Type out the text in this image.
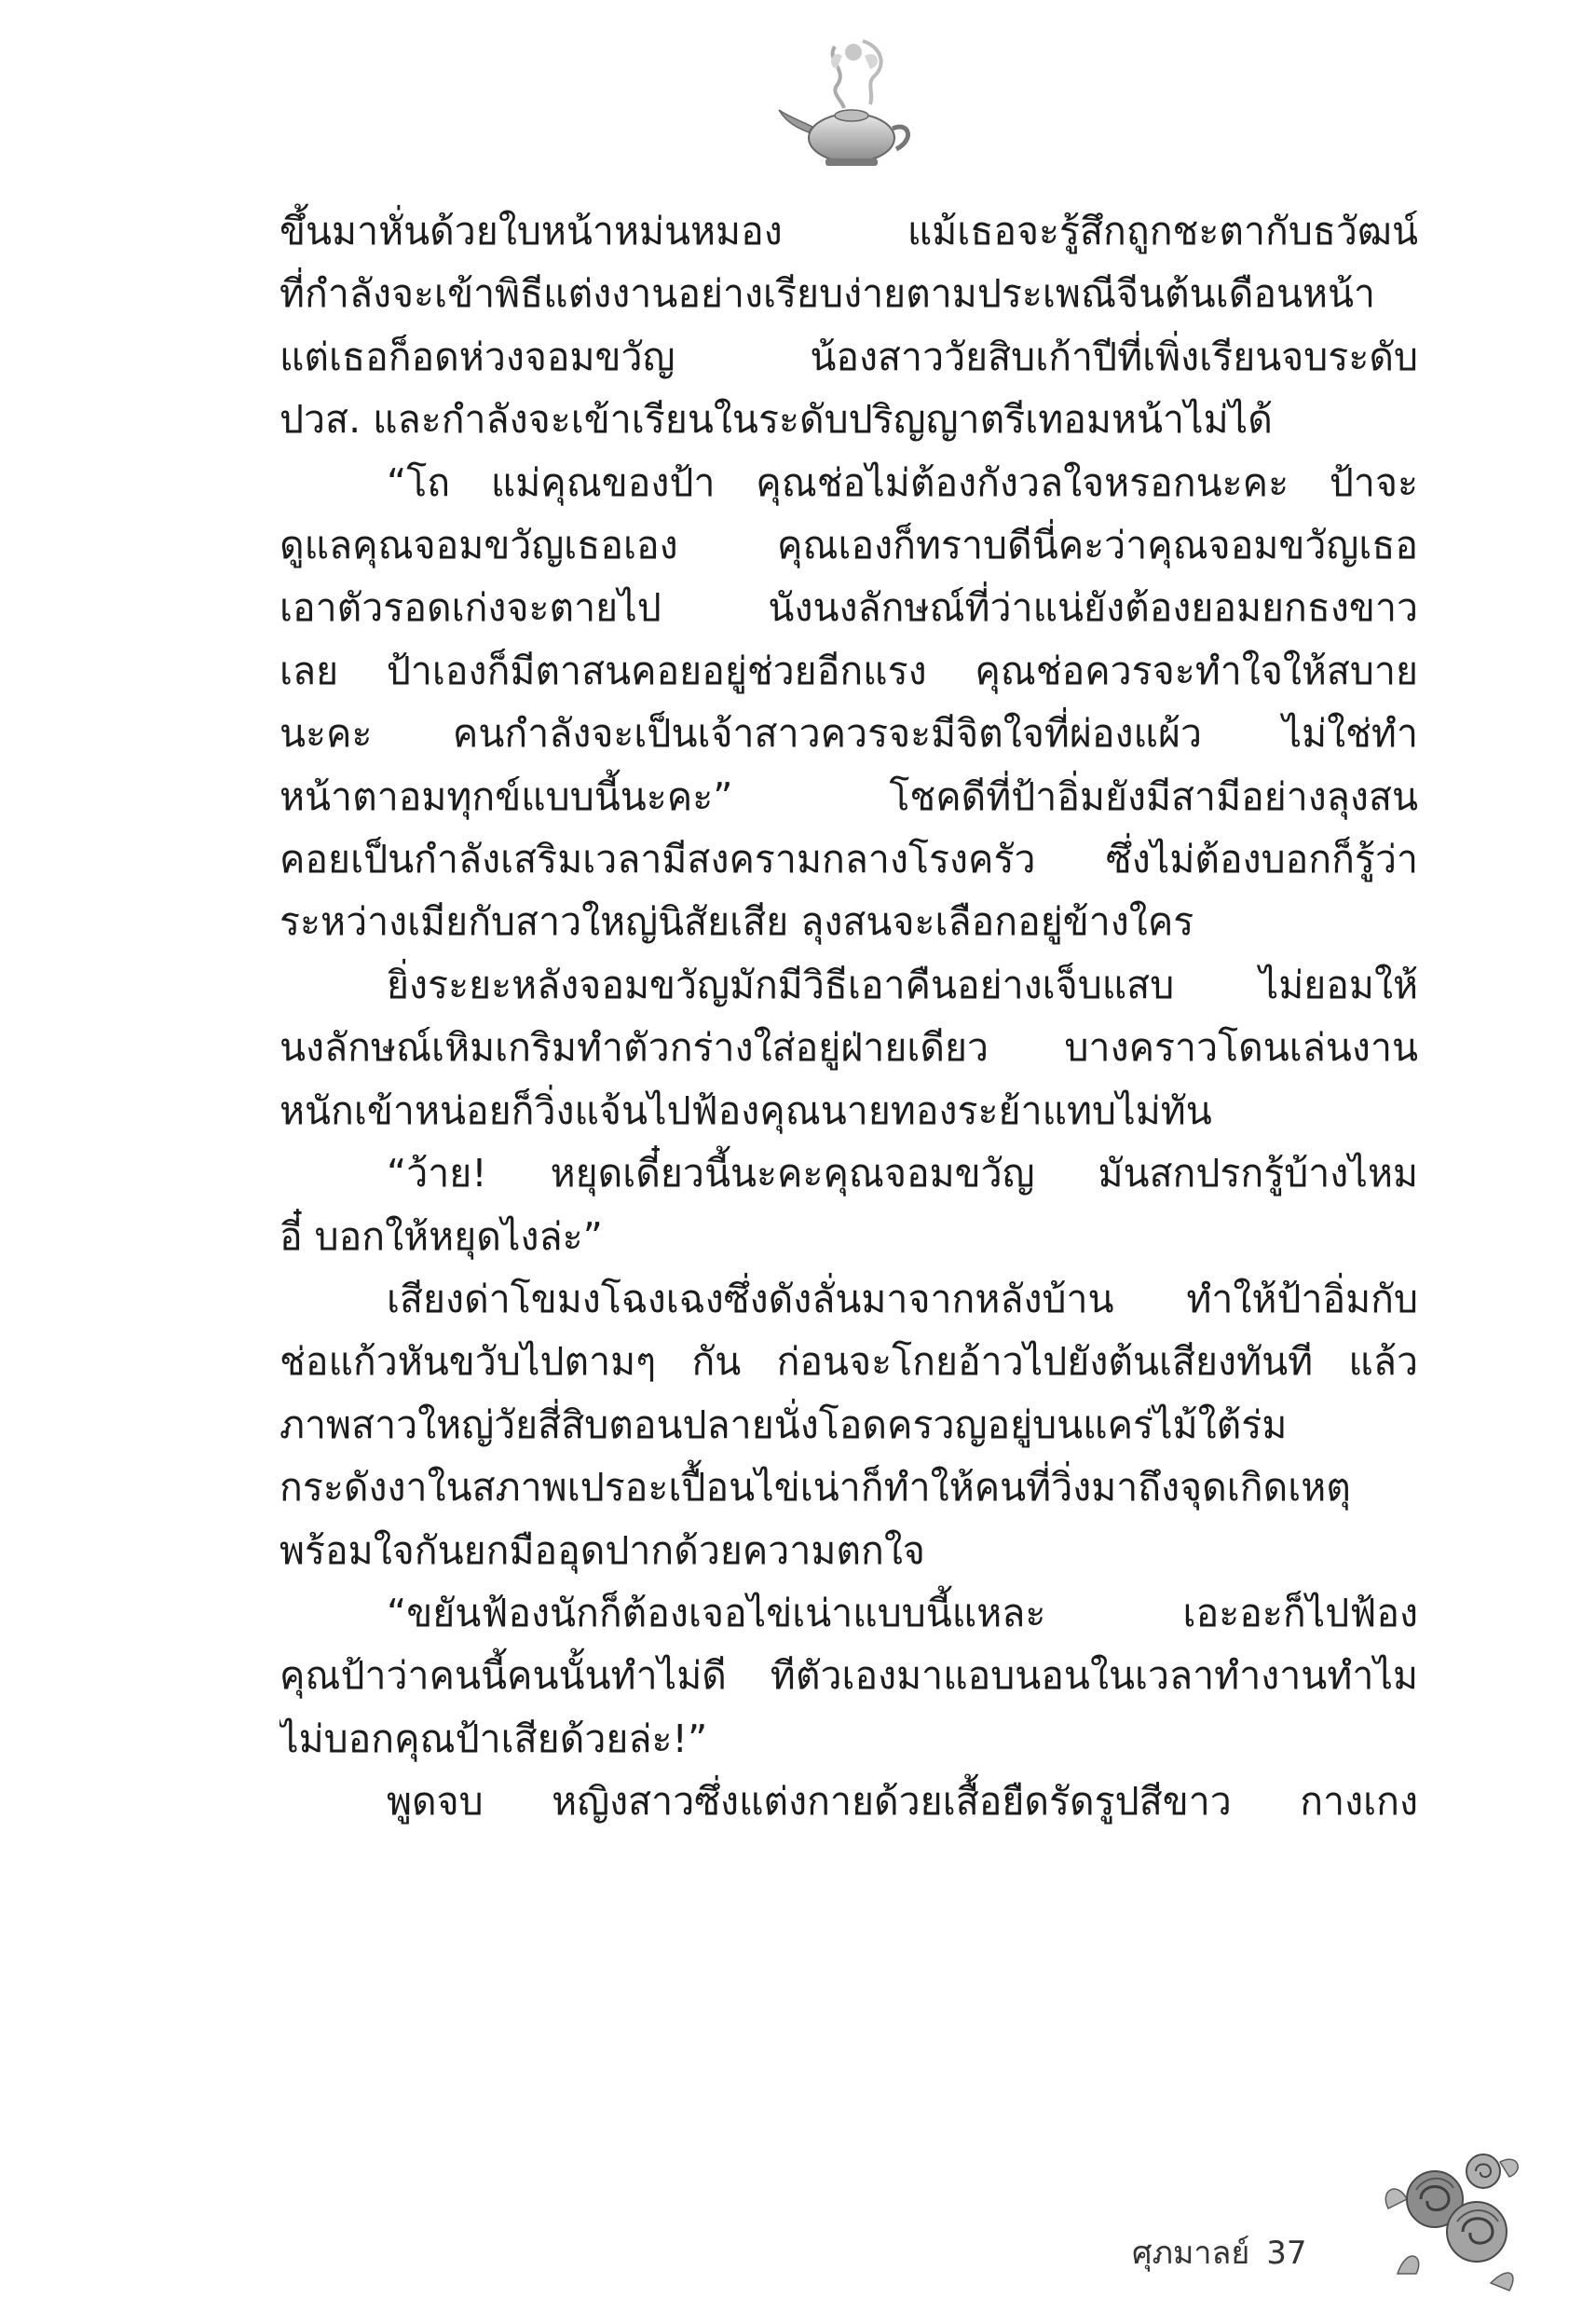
ขึ้นมาหั่นด้วยใบหน้าหม่นหมอง แม้เธอจะรู้สึกถูกชะตากับธวัฒน์
ที่กำลังจะเข้าพิธีแต่งงานอย่างเรียบง่ายตามประเพณีจีนต้นเดือนหน้า
แต่เธอก็อดห่วงจอมขวัญ น้องสาววัยสิบเก้าปีที่เพิ่งเรียนจบระดับ
ปวส. และกำลังจะเข้าเรียนในระดับปริญญาตรีเทอมหน้าไม่ได้
“โถ แม่คุณของป้า คุณช่อไม่ต้องกังวลใจหรอกนะคะ ป้าจะ
ดูแลคุณจอมขวัญเธอเอง คุณเองก็ทราบดีนี่คะว่าคุณจอมขวัญเธอ
เอาตัวรอดเก่งจะตายไป นังนงลักษณ์ที่ว่าแน่ยังต้องยอมยกธงขาว
เลย ป้าเองก็มีตาสนคอยอยู่ช่วยอีกแรง คุณช่อควรจะทำใจให้สบาย
นะคะ คนกำลังจะเป็นเจ้าสาวควรจะมีจิตใจที่ผ่องแผ้ว ไม่ใช่ทำ
หน้าตาอมทุกข์แบบนี้นะคะ” โชคดีที่ป้าอิ่มยังมีสามีอย่างลุงสน
คอยเป็นกำลังเสริมเวลามีสงครามกลางโรงครัว ซึ่งไม่ต้องบอกก็รู้ว่า
ระหว่างเมียกับสาวใหญ่นิสัยเสีย ลุงสนจะเลือกอยู่ข้างใคร
ยิ่งระยะหลังจอมขวัญมักมีวิธีเอาคืนอย่างเจ็บแสบ ไม่ยอมให้
นงลักษณ์เหิมเกริมทำตัวกร่างใส่อยู่ฝ่ายเดียว บางคราวโดนเล่นงาน
หนักเข้าหน่อยก็วิ่งแจ้นไปฟ้องคุณนายทองระย้าแทบไม่ทัน
“ว้าย! หยุดเดี๋ยวนี้นะคะคุณจอมขวัญ มันสกปรกรู้บ้างไหม
อี๋ บอกให้หยุดไงล่ะ”
เสียงด่าโขมงโฉงเฉงซึ่งดังลั่นมาจากหลังบ้าน ทำให้ป้าอิ่มกับ
ช่อแก้วหันขวับไปตามๆ กัน ก่อนจะโกยอ้าวไปยังต้นเสียงทันที แล้ว
ภาพสาวใหญ่วัยสี่สิบตอนปลายนั่งโอดครวญอยู่บนแคร่ไม้ใต้ร่ม
กระดังงาในสภาพเปรอะเปื้อนไข่เน่าก็ทำให้คนที่วิ่งมาถึงจุดเกิดเหตุ
พร้อมใจกันยกมืออุดปากด้วยความตกใจ
“ขยันฟ้องนักก็ต้องเจอไข่เน่าแบบนี้แหละ เอะอะก็ไปฟ้อง
คุณป้าว่าคนนี้คนนั้นทำไม่ดี ทีตัวเองมาแอบนอนในเวลาทำงานทำไม
ไม่บอกคุณป้าเสียด้วยล่ะ!”
พูดจบ หญิงสาวซึ่งแต่งกายด้วยเสื้อยืดรัดรูปสีขาว กางเกง
ศุภมาลย์ 37
